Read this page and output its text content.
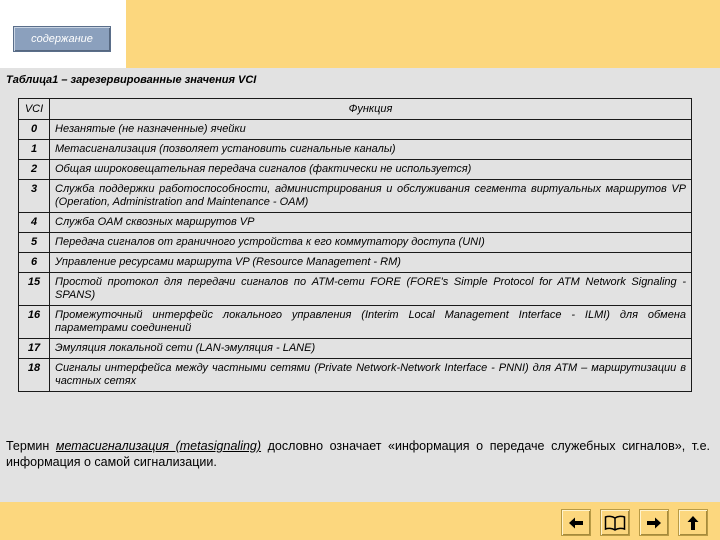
содержание
Таблица1 – зарезервированные значения VCI
VCI	Функция
0	Незанятые (не назначенные) ячейки
1	Метасигнализация (позволяет установить сигнальные каналы)
2	Общая широковещательная передача сигналов (фактически не используется)
3	Служба поддержки работоспособности, администрирования и обслуживания сегмента виртуальных маршрутов VP (Operation, Administration and Maintenance - OAM)
4	Служба OAM сквозных маршрутов VP
5	Передача сигналов от граничного устройства к его коммутатору доступа (UNI)
6	Управление ресурсами маршрута VP (Resource Management - RM)
15	Простой протокол для передачи сигналов по ATM-сети FORE (FORE's Simple Protocol for ATM Network Signaling - SPANS)
16	Промежуточный интерфейс локального управления (Interim Local Management Interface - ILMI) для обмена параметрами соединений
17	Эмуляция локальной сети (LAN-эмуляция - LANE)
18	Сигналы интерфейса между частными сетями (Private Network-Network Interface - PNNI) для ATM – маршрутизации в частных сетях
Термин метасигнализация (metasignaling) дословно означает «информация о передаче служебных сигналов», т.е. информация о самой сигнализации.
